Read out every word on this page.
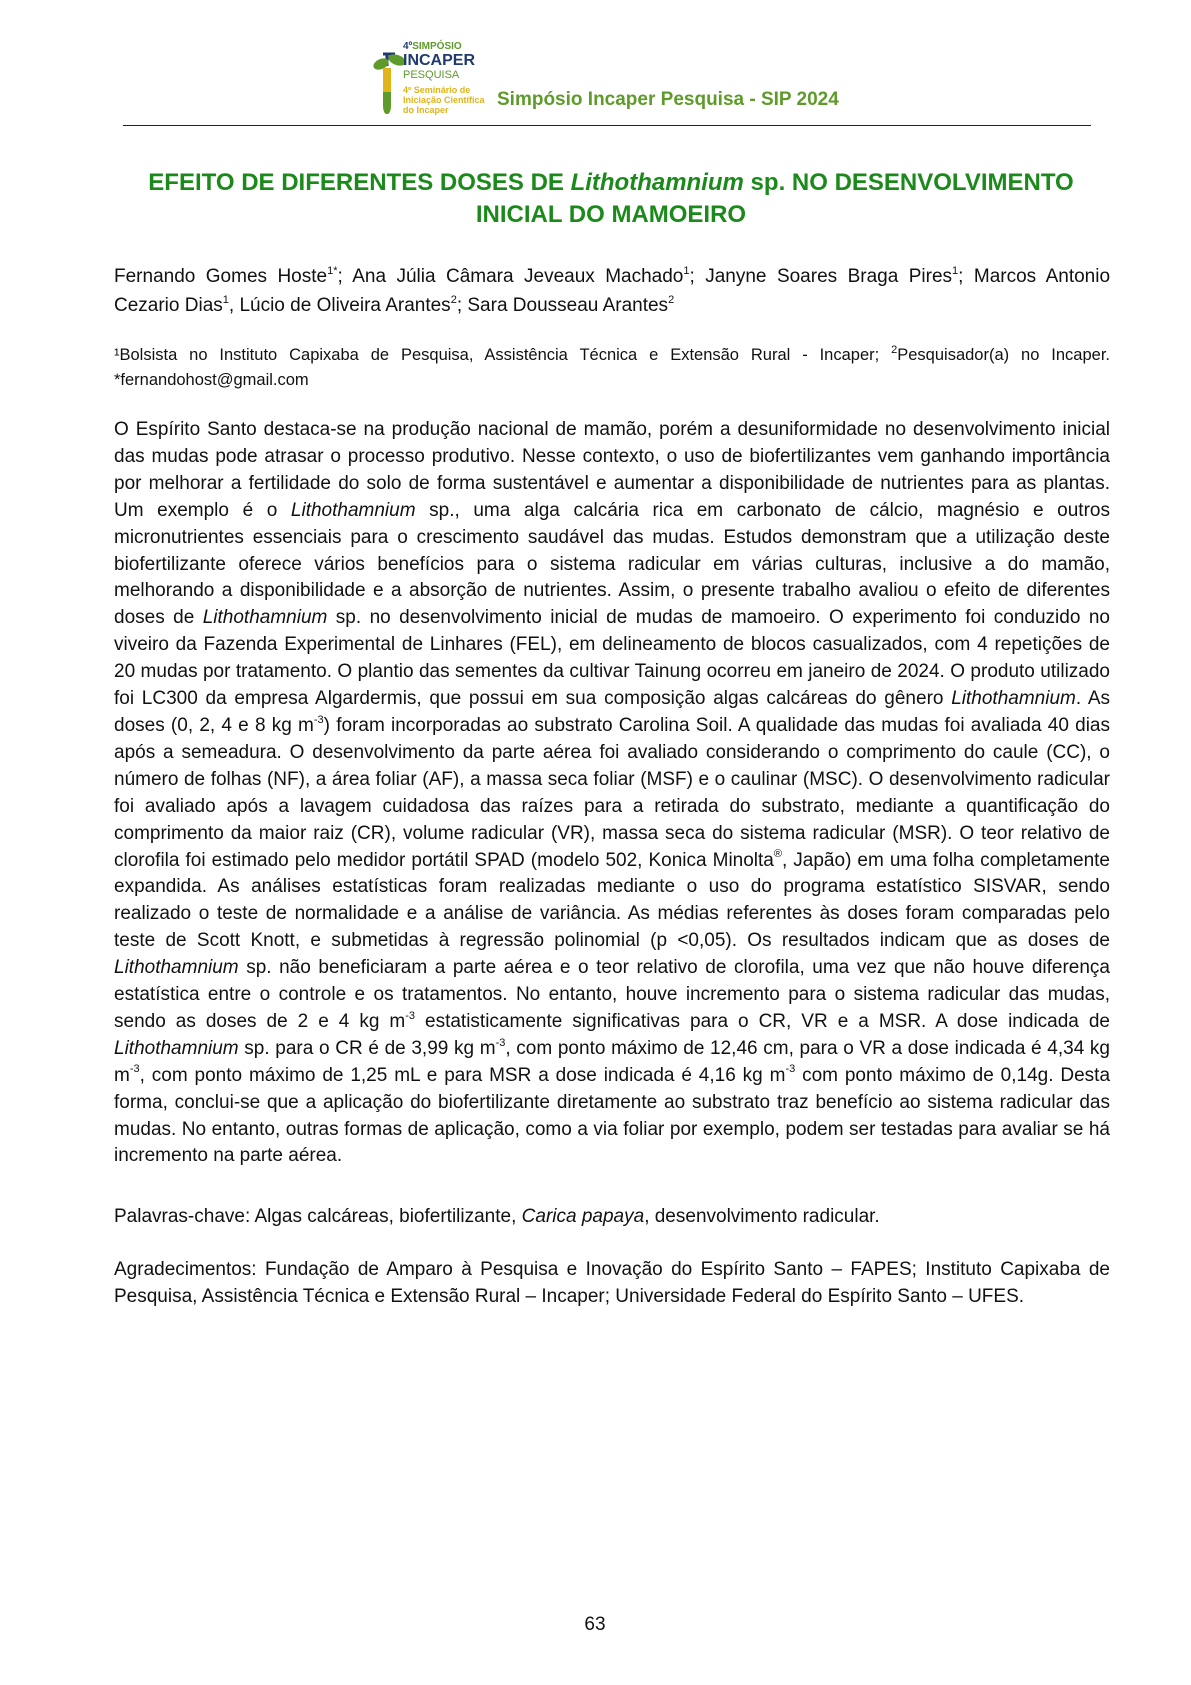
4ºSIMPÓSIO
INCAPER
PESQUISA
4º Seminário de
Iniciação Científica
do Incaper	Simpósio Incaper Pesquisa - SIP 2024
EFEITO DE DIFERENTES DOSES DE Lithothamnium sp. NO DESENVOLVIMENTO INICIAL DO MAMOEIRO
Fernando Gomes Hoste$^{1*}$; Ana Júlia Câmara Jeveaux Machado$^1$; Janyne Soares Braga Pires$^1$; Marcos Antonio Cezario Dias$^1$, Lúcio de Oliveira Arantes$^2$; Sara Dousseau Arantes$^2$
¹Bolsista no Instituto Capixaba de Pesquisa, Assistência Técnica e Extensão Rural - Incaper; $^2$Pesquisador(a) no Incaper. *fernandohost@gmail.com

O Espírito Santo destaca-se na produção nacional de mamão, porém a desuniformidade no desenvolvimento inicial das mudas pode atrasar o processo produtivo. Nesse contexto, o uso de biofertilizantes vem ganhando importância por melhorar a fertilidade do solo de forma sustentável e aumentar a disponibilidade de nutrientes para as plantas. Um exemplo é o Lithothamnium sp., uma alga calcária rica em carbonato de cálcio, magnésio e outros micronutrientes essenciais para o crescimento saudável das mudas. Estudos demonstram que a utilização deste biofertilizante oferece vários benefícios para o sistema radicular em várias culturas, inclusive a do mamão, melhorando a disponibilidade e a absorção de nutrientes. Assim, o presente trabalho avaliou o efeito de diferentes doses de Lithothamnium sp. no desenvolvimento inicial de mudas de mamoeiro. O experimento foi conduzido no viveiro da Fazenda Experimental de Linhares (FEL), em delineamento de blocos casualizados, com 4 repetições de 20 mudas por tratamento. O plantio das sementes da cultivar Tainung ocorreu em janeiro de 2024. O produto utilizado foi LC300 da empresa Algardermis, que possui em sua composição algas calcáreas do gênero Lithothamnium. As doses (0, 2, 4 e 8 kg $m^{-3}$) foram incorporadas ao substrato Carolina Soil. A qualidade das mudas foi avaliada 40 dias após a semeadura. O desenvolvimento da parte aérea foi avaliado considerando o comprimento do caule (CC), o número de folhas (NF), a área foliar (AF), a massa seca foliar (MSF) e o caulinar (MSC). O desenvolvimento radicular foi avaliado após a lavagem cuidadosa das raízes para a retirada do substrato, mediante a quantificação do comprimento da maior raiz (CR), volume radicular (VR), massa seca do sistema radicular (MSR). O teor relativo de clorofila foi estimado pelo medidor portátil SPAD (modelo 502, Konica Minolta®, Japão) em uma folha completamente expandida. As análises estatísticas foram realizadas mediante o uso do programa estatístico SISVAR, sendo realizado o teste de normalidade e a análise de variância. As médias referentes às doses foram comparadas pelo teste de Scott Knott, e submetidas à regressão polinomial (p <0,05). Os resultados indicam que as doses de Lithothamnium sp. não beneficiaram a parte aérea e o teor relativo de clorofila, uma vez que não houve diferença estatística entre o controle e os tratamentos. No entanto, houve incremento para o sistema radicular das mudas, sendo as doses de 2 e 4 kg $m^{-3}$ estatisticamente significativas para o CR, VR e a MSR. A dose indicada de Lithothamnium sp. para o CR é de 3,99 kg $m^{-3}$, com ponto máximo de 12,46 cm, para o VR a dose indicada é 4,34 kg $m^{-3}$, com ponto máximo de 1,25 mL e para MSR a dose indicada é 4,16 kg $m^{-3}$ com ponto máximo de 0,14g. Desta forma, conclui-se que a aplicação do biofertilizante diretamente ao substrato traz benefício ao sistema radicular das mudas. No entanto, outras formas de aplicação, como a via foliar por exemplo, podem ser testadas para avaliar se há incremento na parte aérea.

Palavras-chave: Algas calcáreas, biofertilizante, Carica papaya, desenvolvimento radicular.
Agradecimentos: Fundação de Amparo à Pesquisa e Inovação do Espírito Santo – FAPES; Instituto Capixaba de Pesquisa, Assistência Técnica e Extensão Rural – Incaper; Universidade Federal do Espírito Santo – UFES.
63
